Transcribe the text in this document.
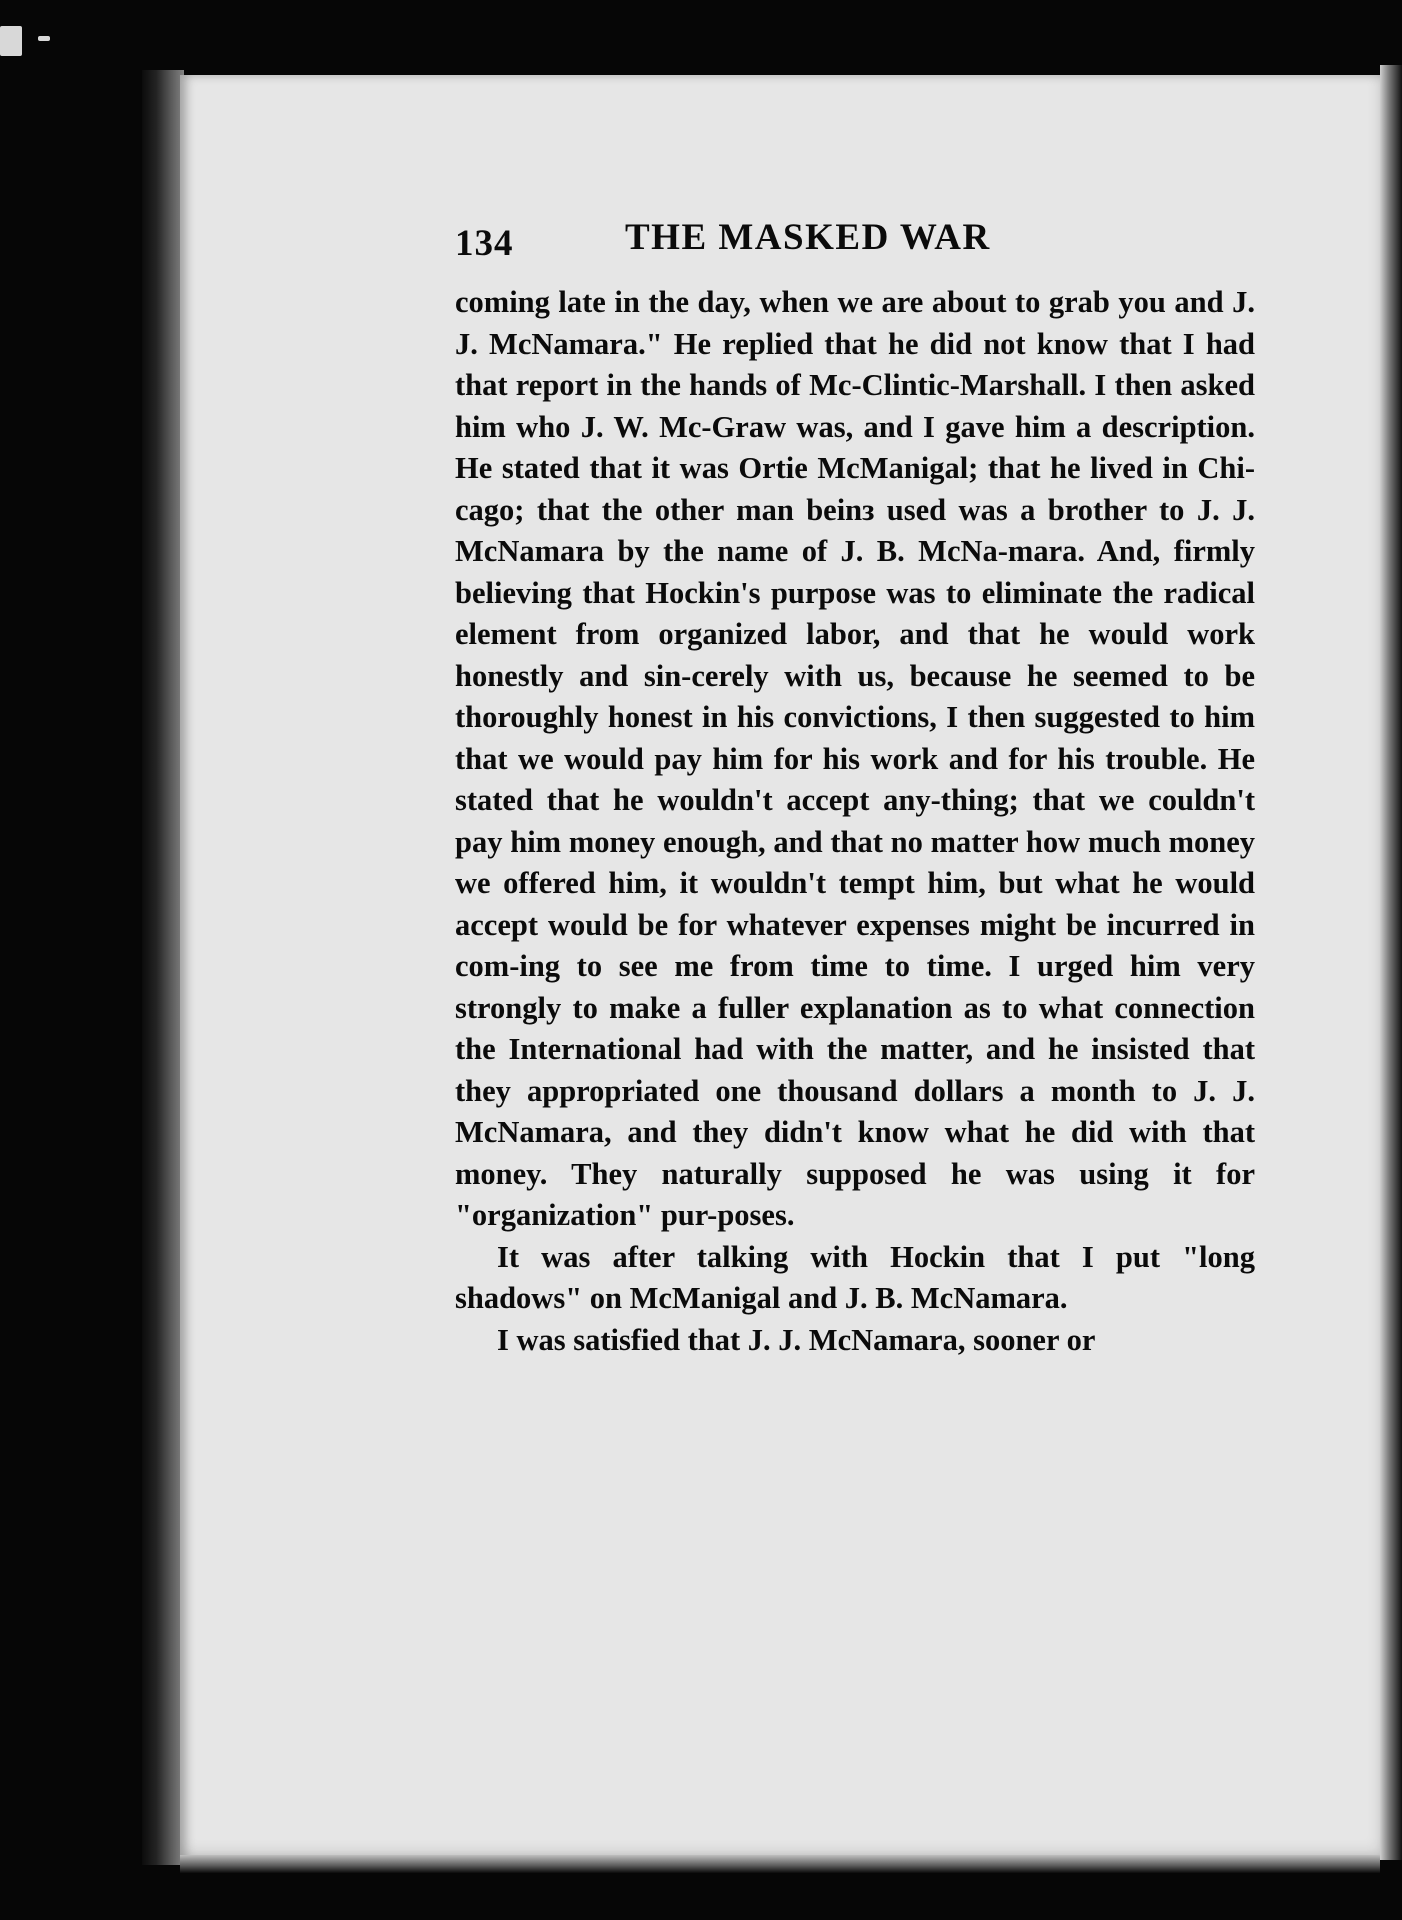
134	THE MASKED WAR

coming late in the day, when we are about to grab you and J. J. McNamara." He replied that he did not know that I had that report in the hands of Mc-Clintic-Marshall. I then asked him who J. W. Mc-Graw was, and I gave him a description. He stated that it was Ortie McManigal; that he lived in Chi-cago; that the other man beinз used was a brother to J. J. McNamara by the name of J. B. McNa-mara. And, firmly believing that Hockin's purpose was to eliminate the radical element from organized labor, and that he would work honestly and sin-cerely with us, because he seemed to be thoroughly honest in his convictions, I then suggested to him that we would pay him for his work and for his trouble. He stated that he wouldn't accept any-thing; that we couldn't pay him money enough, and that no matter how much money we offered him, it wouldn't tempt him, but what he would accept would be for whatever expenses might be incurred in com-ing to see me from time to time. I urged him very strongly to make a fuller explanation as to what connection the International had with the matter, and he insisted that they appropriated one thousand dollars a month to J. J. McNamara, and they didn't know what he did with that money. They naturally supposed he was using it for "organization" pur-poses.

It was after talking with Hockin that I put "long shadows" on McManigal and J. B. McNamara.

I was satisfied that J. J. McNamara, sooner or
